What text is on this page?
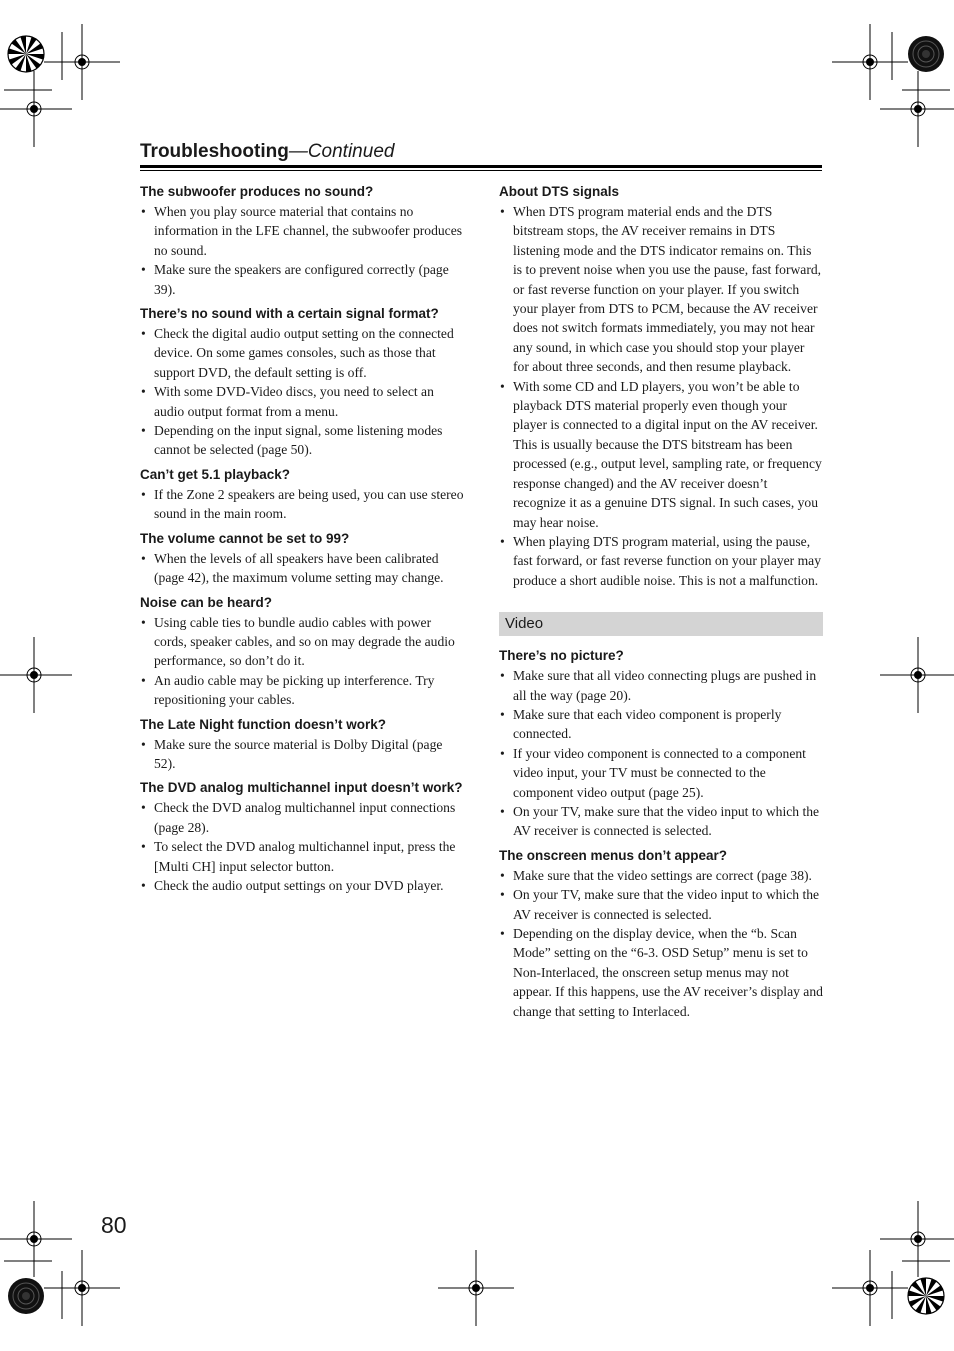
Troubleshooting—Continued
The subwoofer produces no sound?
• When you play source material that contains no information in the LFE channel, the subwoofer produces no sound.
• Make sure the speakers are configured correctly (page 39).
There’s no sound with a certain signal format?
• Check the digital audio output setting on the connected device. On some games consoles, such as those that support DVD, the default setting is off.
• With some DVD-Video discs, you need to select an audio output format from a menu.
• Depending on the input signal, some listening modes cannot be selected (page 50).
Can’t get 5.1 playback?
• If the Zone 2 speakers are being used, you can use stereo sound in the main room.
The volume cannot be set to 99?
• When the levels of all speakers have been calibrated (page 42), the maximum volume setting may change.
Noise can be heard?
• Using cable ties to bundle audio cables with power cords, speaker cables, and so on may degrade the audio performance, so don’t do it.
• An audio cable may be picking up interference. Try repositioning your cables.
The Late Night function doesn’t work?
• Make sure the source material is Dolby Digital (page 52).
The DVD analog multichannel input doesn’t work?
• Check the DVD analog multichannel input connections (page 28).
• To select the DVD analog multichannel input, press the [Multi CH] input selector button.
• Check the audio output settings on your DVD player.
About DTS signals
• When DTS program material ends and the DTS bitstream stops, the AV receiver remains in DTS listening mode and the DTS indicator remains on. This is to prevent noise when you use the pause, fast forward, or fast reverse function on your player. If you switch your player from DTS to PCM, because the AV receiver does not switch formats immediately, you may not hear any sound, in which case you should stop your player for about three seconds, and then resume playback.
• With some CD and LD players, you won’t be able to playback DTS material properly even though your player is connected to a digital input on the AV receiver. This is usually because the DTS bitstream has been processed (e.g., output level, sampling rate, or frequency response changed) and the AV receiver doesn’t recognize it as a genuine DTS signal. In such cases, you may hear noise.
• When playing DTS program material, using the pause, fast forward, or fast reverse function on your player may produce a short audible noise. This is not a malfunction.
Video
There’s no picture?
• Make sure that all video connecting plugs are pushed in all the way (page 20).
• Make sure that each video component is properly connected.
• If your video component is connected to a component video input, your TV must be connected to the component video output (page 25).
• On your TV, make sure that the video input to which the AV receiver is connected is selected.
The onscreen menus don’t appear?
• Make sure that the video settings are correct (page 38).
• On your TV, make sure that the video input to which the AV receiver is connected is selected.
• Depending on the display device, when the “b. Scan Mode” setting on the “6-3. OSD Setup” menu is set to Non-Interlaced, the onscreen setup menus may not appear. If this happens, use the AV receiver’s display and change that setting to Interlaced.
80
